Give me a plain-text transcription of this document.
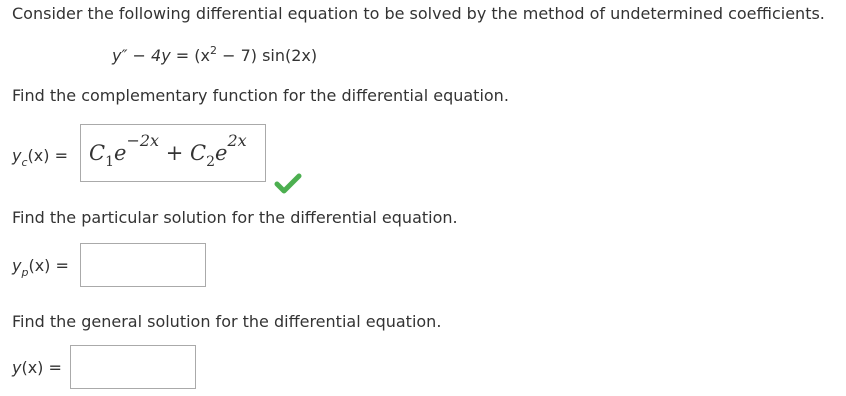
Consider the following differential equation to be solved by the method of undetermined coefficients.
$y'' - 4y = (x^2 - 7)$ sin(2x)
Find the complementary function for the differential equation.
$y_c(x) = C_1e^{-2x} + C_2e^{2x}$
Find the particular solution for the differential equation.
$y_p(x)$ =
Find the general solution for the differential equation.
y(x) =
